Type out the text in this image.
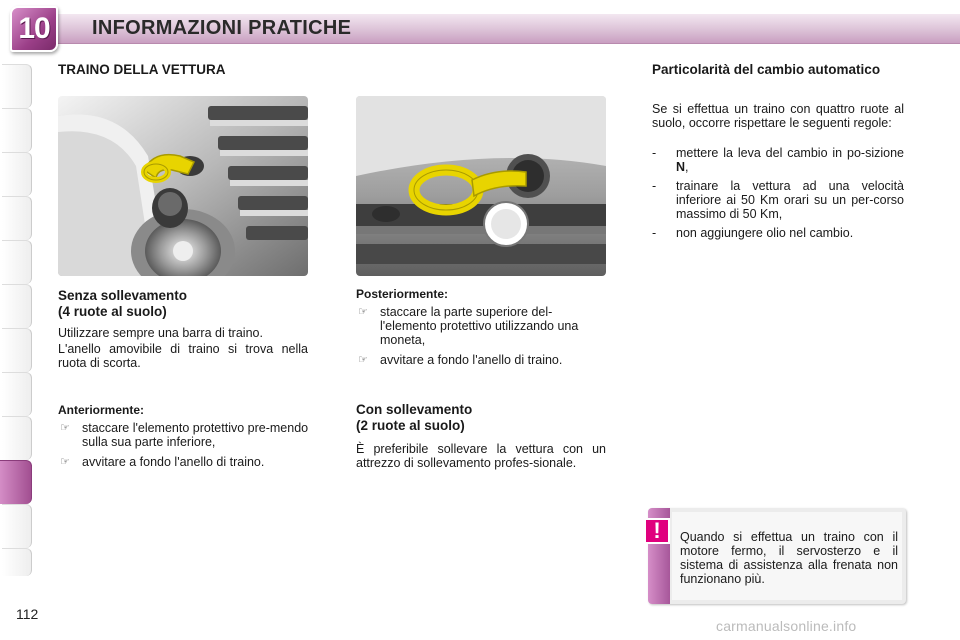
10 INFORMAZIONI PRATICHE
TRAINO DELLA VETTURA
Senza sollevamento
(4 ruote al suolo)
Utilizzare sempre una barra di traino.
L'anello amovibile di traino si trova nella ruota di scorta.
Anteriormente:
☞ staccare l'elemento protettivo pre-mendo sulla sua parte inferiore,
☞ avvitare a fondo l'anello di traino.
Posteriormente:
☞ staccare la parte superiore del-l'elemento protettivo utilizzando una moneta,
☞ avvitare a fondo l'anello di traino.
Con sollevamento
(2 ruote al suolo)
È preferibile sollevare la vettura con un attrezzo di sollevamento profes-sionale.
Particolarità del cambio automatico
Se si effettua un traino con quattro ruote al suolo, occorre rispettare le seguenti regole:
- mettere la leva del cambio in po-sizione N,
- trainare la vettura ad una velocità inferiore ai 50 Km orari su un per-corso massimo di 50 Km,
- non aggiungere olio nel cambio.
!	Quando si effettua un traino con il motore fermo, il servosterzo e il sistema di assistenza alla frenata non funzionano più.
112
carmanualsonline.info
